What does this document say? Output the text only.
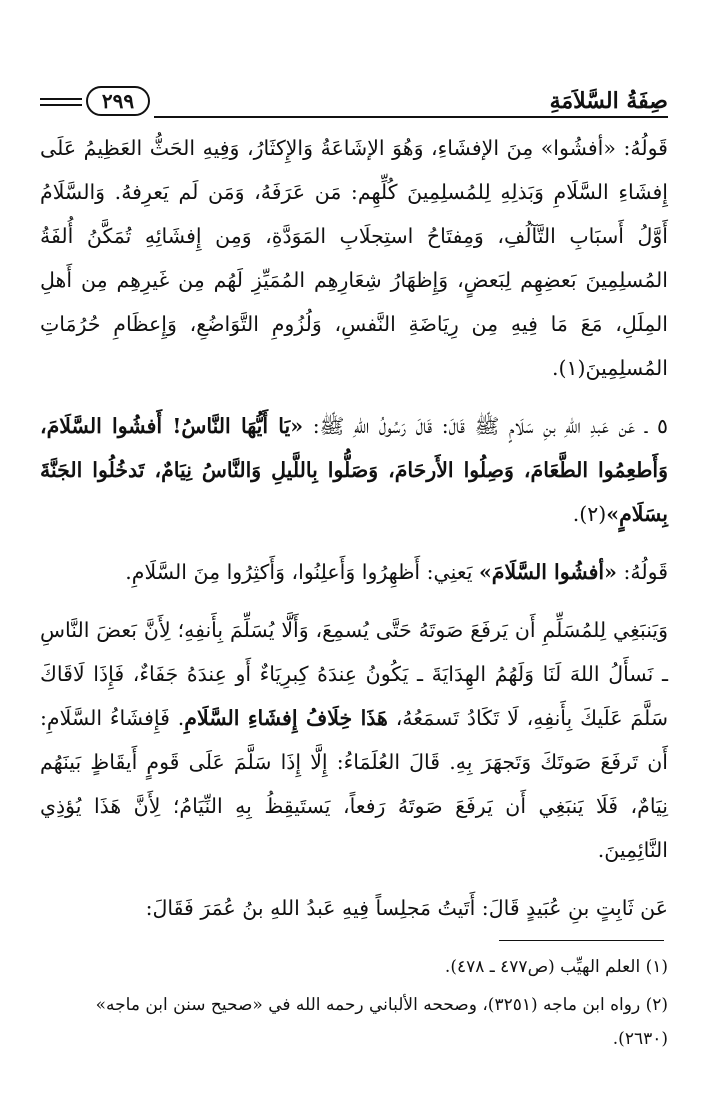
٢٩٩	صِفَةُ السَّلاَمَةِ

قَولُهُ: «أفشُوا» مِنَ الإفشَاءِ، وَهُوَ الإشَاعَةُ وَالإِكثَارُ، وَفِيهِ الحَثُّ العَظِيمُ عَلَى إِفشَاءِ السَّلَامِ وَبَذلِهِ لِلمُسلِمِينَ كُلِّهِم: مَن عَرَفَهُ، وَمَن لَم يَعرِفهُ. وَالسَّلَامُ أَوَّلُ أَسبَابِ التَّآلُفِ، وَمِفتَاحُ استِجلَابِ المَوَدَّةِ، وَمِن إِفشَائِهِ تُمَكَّنُ أُلفَةُ المُسلِمِينَ بَعضِهِم لِبَعضٍ، وَإِظهَارُ شِعَارِهِم المُمَيِّزِ لَهُم مِن غَيرِهِم مِن أَهلِ المِلَلِ، مَعَ مَا فِيهِ مِن رِيَاضَةِ النَّفسِ، وَلُزُومِ التَّوَاضُعِ، وَإِعظَامِ حُرُمَاتِ المُسلِمِينَ(١).

٥ ـ عَن عَبدِ اللهِ بنِ سَلَامٍ ﷺ قَالَ: قَالَ رَسُولُ اللهِ ﷺ: «يَا أَيُّهَا النَّاسُ! أَفشُوا السَّلَامَ، وَأَطعِمُوا الطَّعَامَ، وَصِلُوا الأَرحَامَ، وَصَلُّوا بِاللَّيلِ وَالنَّاسُ نِيَامٌ، تَدخُلُوا الجَنَّةَ بِسَلَامٍ»(٢).

قَولُهُ: «أفشُوا السَّلَامَ» يَعنِي: أَظهِرُوا وَأَعلِنُوا، وَأَكثِرُوا مِنَ السَّلَامِ.

وَيَنبَغِي لِلمُسَلِّمِ أَن يَرفَعَ صَوتَهُ حَتَّى يُسمِعَ، وَأَلَّا يُسَلِّمَ بِأَنفِهِ؛ لِأَنَّ بَعضَ النَّاسِ ـ نَسأَلُ اللهَ لَنَا وَلَهُمُ الهِدَايَةَ ـ يَكُونُ عِندَهُ كِبرِيَاءٌ أَو عِندَهُ جَفَاءٌ، فَإِذَا لَاقَاكَ سَلَّمَ عَلَيكَ بِأَنفِهِ، لَا تَكَادُ تَسمَعُهُ، هَذَا خِلَافُ إِفشَاءِ السَّلَامِ. فَإِفشَاءُ السَّلَامِ: أَن تَرفَعَ صَوتَكَ وَتَجهَرَ بِهِ. قَالَ العُلَمَاءُ: إِلَّا إِذَا سَلَّمَ عَلَى قَومٍ أَيقَاظٍ بَينَهُم نِيَامٌ، فَلَا يَنبَغِي أَن يَرفَعَ صَوتَهُ رَفعاً، يَستَيقِظُ بِهِ النِّيَامُ؛ لِأَنَّ هَذَا يُؤذِي النَّائِمِينَ.

عَن ثَابِتٍ بنِ عُبَيدٍ قَالَ: أَتَيتُ مَجلِساً فِيهِ عَبدُ اللهِ بنُ عُمَرَ فَقَالَ:

(١) العلم الهيِّب (ص٤٧٧ ـ ٤٧٨).

(٢) رواه ابن ماجه (٣٢٥١)، وصححه الألباني رحمه الله في «صحيح سنن ابن ماجه» (٢٦٣٠).
